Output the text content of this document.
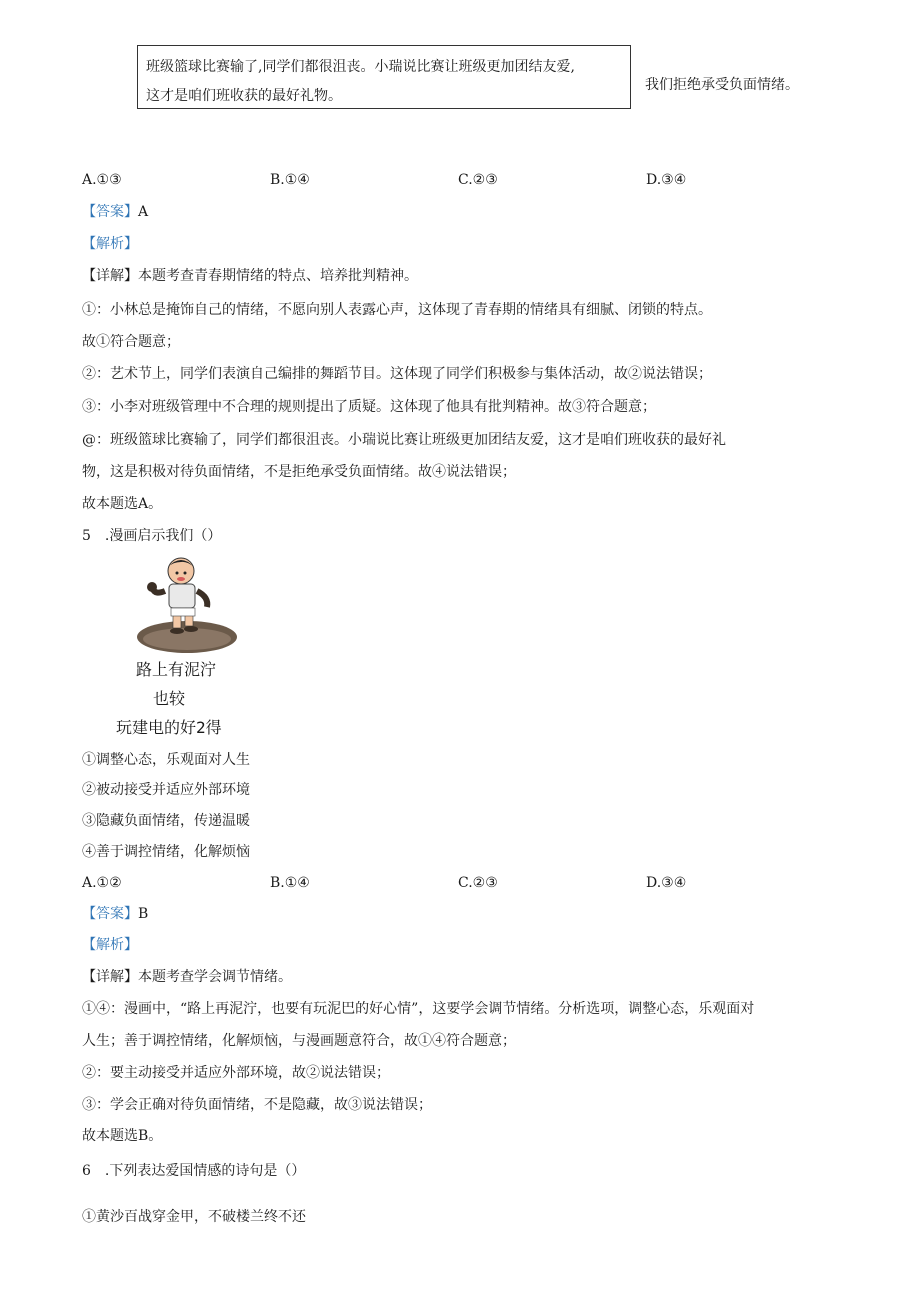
班级篮球比赛输了,同学们都很沮丧。小瑞说比赛让班级更加团结友爱,
这才是咱们班收获的最好礼物。
我们拒绝承受负面情绪。
A.①③	B.①④	C.②③	D.③④
【答案】A
【解析】
【详解】本题考查青春期情绪的特点、培养批判精神。
①：小林总是掩饰自己的情绪，不愿向别人表露心声，这体现了青春期的情绪具有细腻、闭锁的特点。
故①符合题意；
②：艺术节上，同学们表演自己编排的舞蹈节目。这体现了同学们积极参与集体活动，故②说法错误；
③：小李对班级管理中不合理的规则提出了质疑。这体现了他具有批判精神。故③符合题意；
@：班级篮球比赛输了，同学们都很沮丧。小瑞说比赛让班级更加团结友爱，这才是咱们班收获的最好礼
物，这是积极对待负面情绪，不是拒绝承受负面情绪。故④说法错误；
故本题选A。
5　.漫画启示我们（）
路上有泥泞
也较
玩建电的好2得
①调整心态，乐观面对人生
②被动接受并适应外部环境
③隐藏负面情绪，传递温暖
④善于调控情绪，化解烦恼
A.①②	B.①④	C.②③	D.③④
【答案】B
【解析】
【详解】本题考查学会调节情绪。
①④：漫画中，“路上再泥泞，也要有玩泥巴的好心情”，这要学会调节情绪。分析选项，调整心态，乐观面对
人生；善于调控情绪，化解烦恼，与漫画题意符合，故①④符合题意；
②：要主动接受并适应外部环境，故②说法错误；
③：学会正确对待负面情绪，不是隐藏，故③说法错误；
故本题选B。
6　.下列表达爱国情感的诗句是（）
①黄沙百战穿金甲，不破楼兰终不还
